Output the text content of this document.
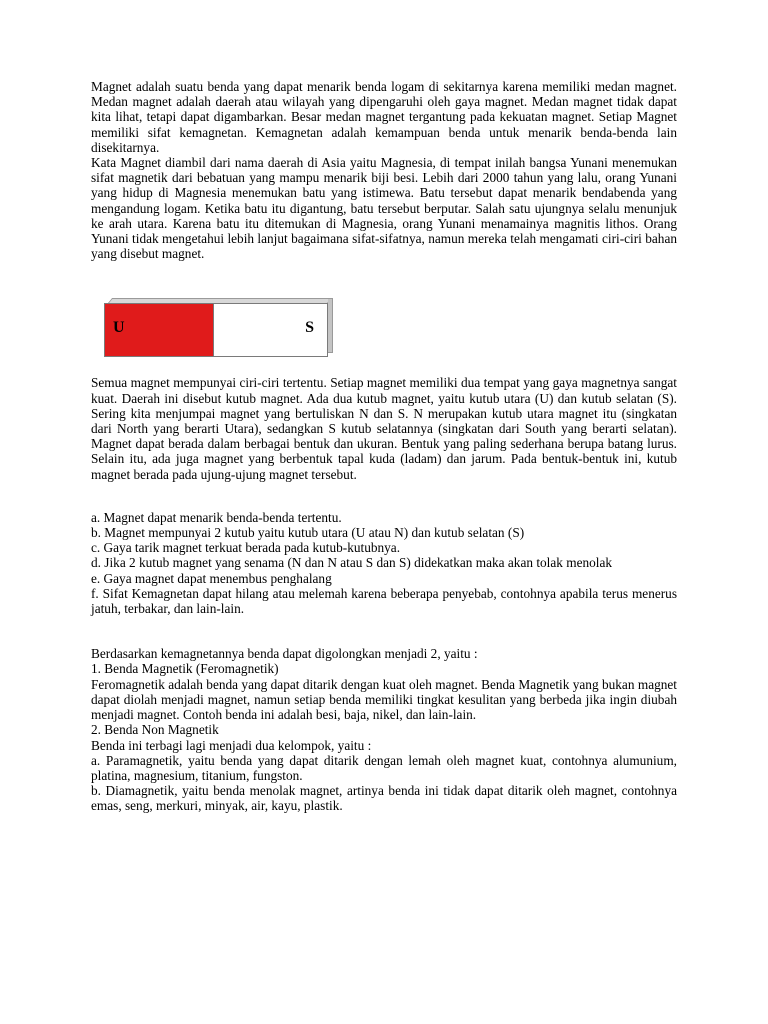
Magnet adalah suatu benda yang dapat menarik benda logam di sekitarnya karena memiliki medan magnet. Medan magnet adalah daerah atau wilayah yang dipengaruhi oleh gaya magnet. Medan magnet tidak dapat kita lihat, tetapi dapat digambarkan. Besar medan magnet tergantung pada kekuatan magnet. Setiap Magnet memiliki sifat kemagnetan. Kemagnetan adalah kemampuan benda untuk menarik benda-benda lain disekitarnya.

Kata Magnet diambil dari nama daerah di Asia yaitu Magnesia, di tempat inilah bangsa Yunani menemukan sifat magnetik dari bebatuan yang mampu menarik biji besi. Lebih dari 2000 tahun yang lalu, orang Yunani yang hidup di Magnesia menemukan batu yang istimewa. Batu tersebut dapat menarik bendabenda yang mengandung logam. Ketika batu itu digantung, batu tersebut berputar. Salah satu ujungnya selalu menunjuk ke arah utara. Karena batu itu ditemukan di Magnesia, orang Yunani menamainya magnitis lithos. Orang Yunani tidak mengetahui lebih lanjut bagaimana sifat-sifatnya, namun mereka telah mengamati ciri-ciri bahan yang disebut magnet.

U	S

Semua magnet mempunyai ciri-ciri tertentu. Setiap magnet memiliki dua tempat yang gaya magnetnya sangat kuat. Daerah ini disebut kutub magnet. Ada dua kutub magnet, yaitu kutub utara (U) dan kutub selatan (S). Sering kita menjumpai magnet yang bertuliskan N dan S. N merupakan kutub utara magnet itu (singkatan dari North yang berarti Utara), sedangkan S kutub selatannya (singkatan dari South yang berarti selatan). Magnet dapat berada dalam berbagai bentuk dan ukuran. Bentuk yang paling sederhana berupa batang lurus. Selain itu, ada juga magnet yang berbentuk tapal kuda (ladam) dan jarum. Pada bentuk-bentuk ini, kutub magnet berada pada ujung-ujung magnet tersebut.

a. Magnet dapat menarik benda-benda tertentu.

b. Magnet mempunyai 2 kutub yaitu kutub utara (U atau N) dan kutub selatan (S)

c. Gaya tarik magnet terkuat berada pada kutub-kutubnya.

d. Jika 2 kutub magnet yang senama (N dan N atau S dan S) didekatkan maka akan tolak menolak

e. Gaya magnet dapat menembus penghalang

f. Sifat Kemagnetan dapat hilang atau melemah karena beberapa penyebab, contohnya apabila terus menerus jatuh, terbakar, dan lain-lain.

Berdasarkan kemagnetannya benda dapat digolongkan menjadi 2, yaitu :

1. Benda Magnetik (Feromagnetik)

Feromagnetik adalah benda yang dapat ditarik dengan kuat oleh magnet. Benda Magnetik yang bukan magnet dapat diolah menjadi magnet, namun setiap benda memiliki tingkat kesulitan yang berbeda jika ingin diubah menjadi magnet. Contoh benda ini adalah besi, baja, nikel, dan lain-lain.

2. Benda Non Magnetik

Benda ini terbagi lagi menjadi dua kelompok, yaitu :

a. Paramagnetik, yaitu benda yang dapat ditarik dengan lemah oleh magnet kuat, contohnya alumunium, platina, magnesium, titanium, fungston.

b. Diamagnetik, yaitu benda menolak magnet, artinya benda ini tidak dapat ditarik oleh magnet, contohnya emas, seng, merkuri, minyak, air, kayu, plastik.
